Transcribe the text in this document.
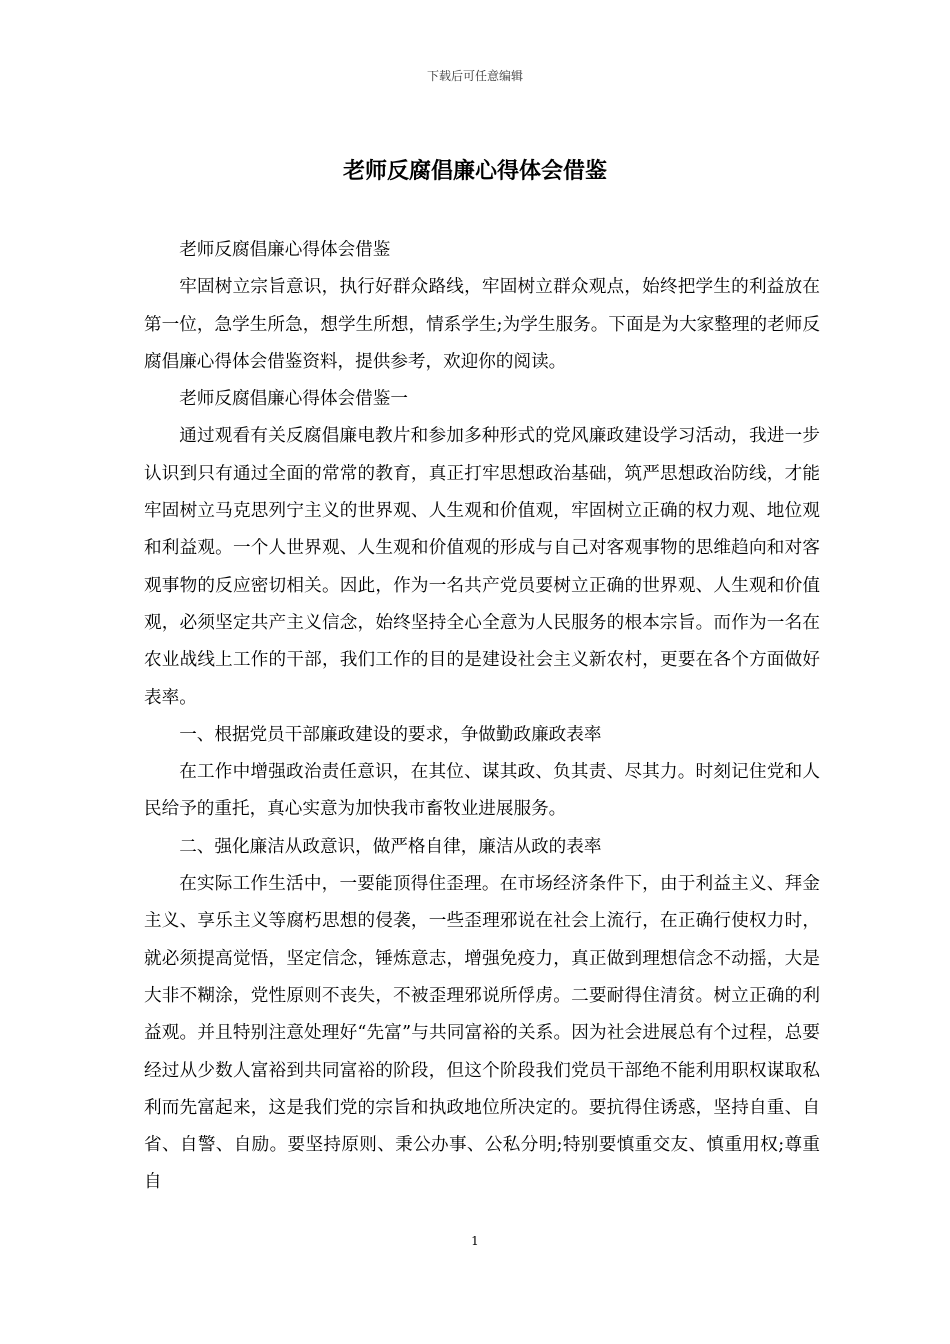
下载后可任意编辑
老师反腐倡廉心得体会借鉴

老师反腐倡廉心得体会借鉴

牢固树立宗旨意识，执行好群众路线，牢固树立群众观点，始终把学生的利益放在第一位，急学生所急，想学生所想，情系学生;为学生服务。下面是为大家整理的老师反腐倡廉心得体会借鉴资料，提供参考，欢迎你的阅读。

老师反腐倡廉心得体会借鉴一

通过观看有关反腐倡廉电教片和参加多种形式的党风廉政建设学习活动，我进一步认识到只有通过全面的常常的教育，真正打牢思想政治基础，筑严思想政治防线，才能牢固树立马克思列宁主义的世界观、人生观和价值观，牢固树立正确的权力观、地位观和利益观。一个人世界观、人生观和价值观的形成与自己对客观事物的思维趋向和对客观事物的反应密切相关。因此，作为一名共产党员要树立正确的世界观、人生观和价值观，必须坚定共产主义信念，始终坚持全心全意为人民服务的根本宗旨。而作为一名在农业战线上工作的干部，我们工作的目的是建设社会主义新农村，更要在各个方面做好表率。

一、根据党员干部廉政建设的要求，争做勤政廉政表率

在工作中增强政治责任意识，在其位、谋其政、负其责、尽其力。时刻记住党和人民给予的重托，真心实意为加快我市畜牧业进展服务。

二、强化廉洁从政意识，做严格自律，廉洁从政的表率

在实际工作生活中，一要能顶得住歪理。在市场经济条件下，由于利益主义、拜金主义、享乐主义等腐朽思想的侵袭，一些歪理邪说在社会上流行，在正确行使权力时，就必须提高觉悟，坚定信念，锤炼意志，增强免疫力，真正做到理想信念不动摇，大是大非不糊涂，党性原则不丧失，不被歪理邪说所俘虏。二要耐得住清贫。树立正确的利益观。并且特别注意处理好“先富”与共同富裕的关系。因为社会进展总有个过程，总要经过从少数人富裕到共同富裕的阶段，但这个阶段我们党员干部绝不能利用职权谋取私利而先富起来，这是我们党的宗旨和执政地位所决定的。要抗得住诱惑，坚持自重、自省、自警、自励。要坚持原则、秉公办事、公私分明;特别要慎重交友、慎重用权;尊重自

1
